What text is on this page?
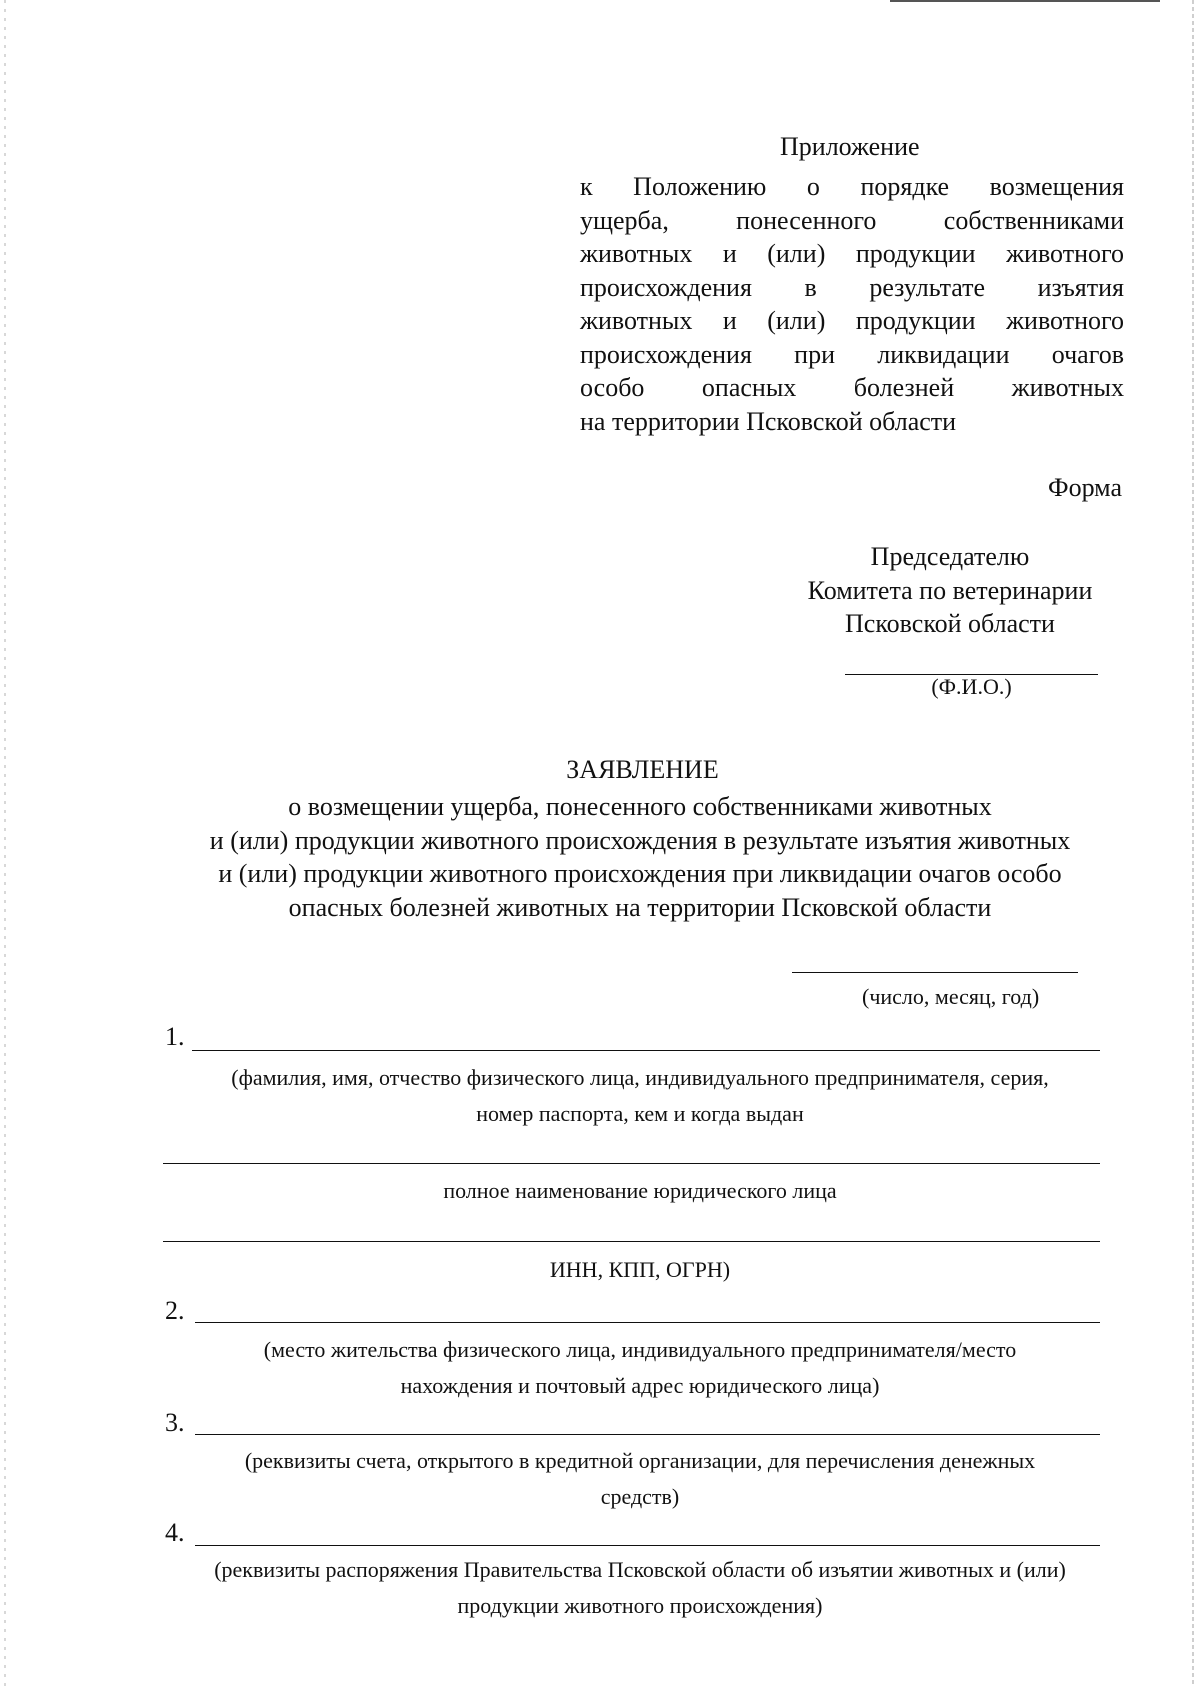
Приложение
к Положению о порядке возмещения
ущерба, понесенного собственниками
животных и (или) продукции животного
происхождения в результате изъятия
животных и (или) продукции животного
происхождения при ликвидации очагов
особо опасных болезней животных
на территории Псковской области
Форма
Председателю
Комитета по ветеринарии
Псковской области
(Ф.И.О.)
ЗАЯВЛЕНИЕ
о возмещении ущерба, понесенного собственниками животных
и (или) продукции животного происхождения в результате изъятия животных
и (или) продукции животного происхождения при ликвидации очагов особо
опасных болезней животных на территории Псковской области
(число, месяц, год)
1.
(фамилия, имя, отчество физического лица, индивидуального предпринимателя, серия,
номер паспорта, кем и когда выдан
полное наименование юридического лица
ИНН, КПП, ОГРН)
2.
(место жительства физического лица, индивидуального предпринимателя/место
нахождения и почтовый адрес юридического лица)
3.
(реквизиты счета, открытого в кредитной организации, для перечисления денежных
средств)
4.
(реквизиты распоряжения Правительства Псковской области об изъятии животных и (или)
продукции животного происхождения)
